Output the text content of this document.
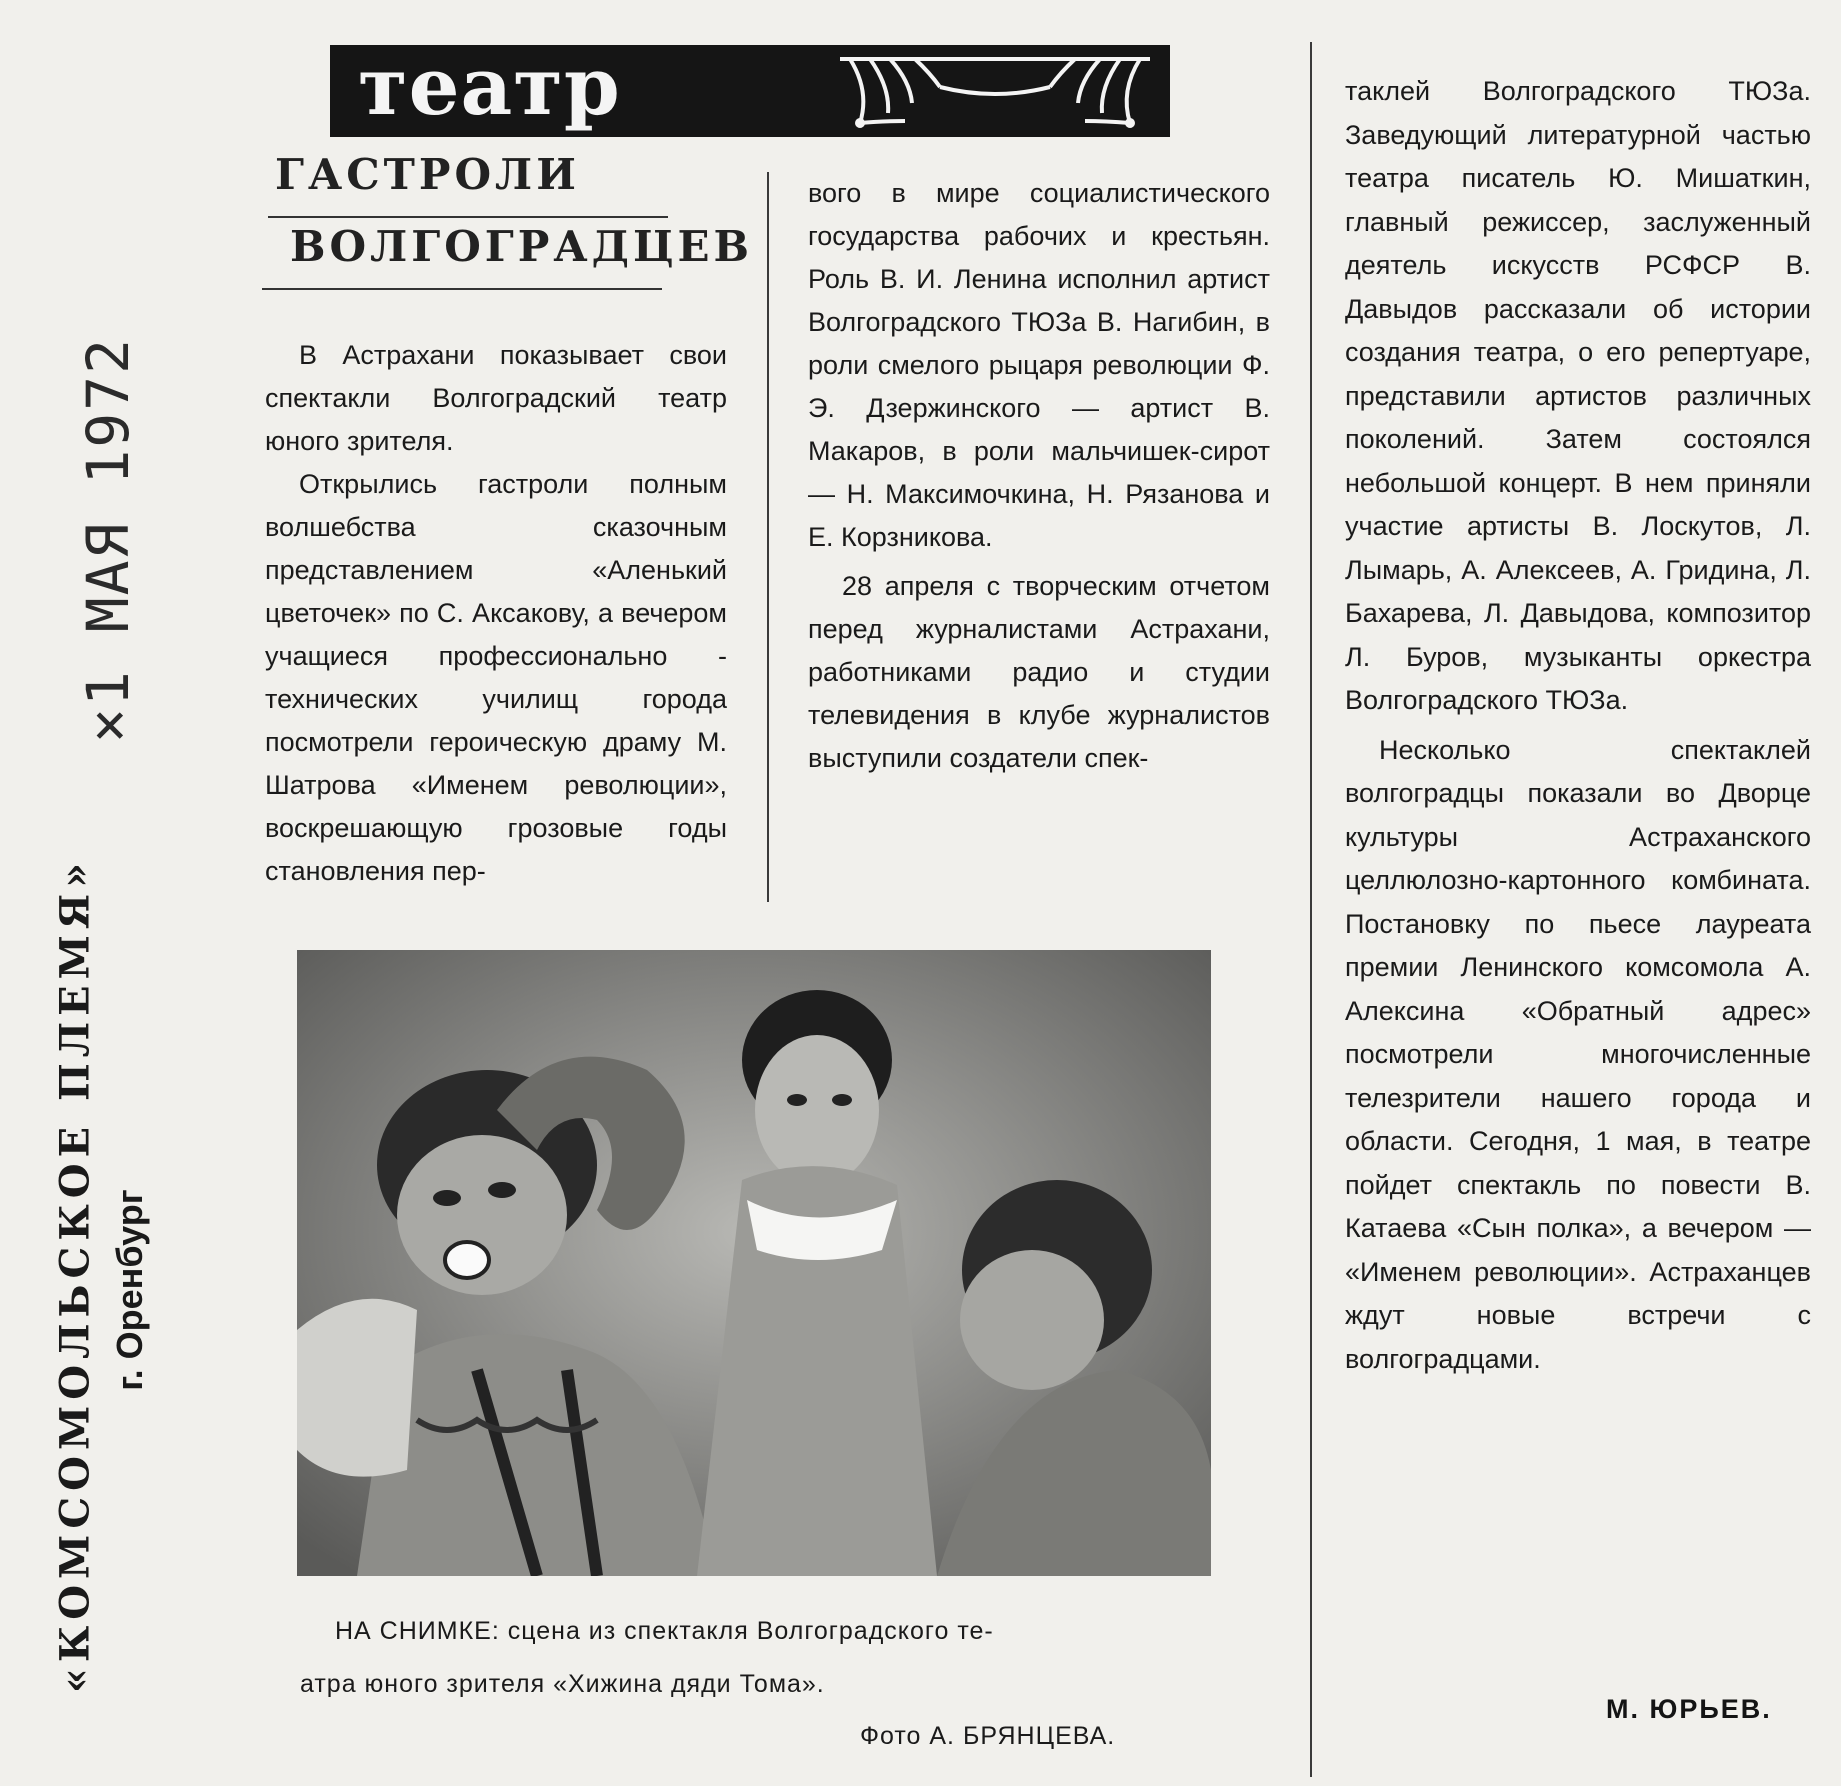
×1 МАЯ 1972
«КОМСОМОЛЬСКОЕ ПЛЕМЯ» г. Оренбург
театр
ГАСТРОЛИ
ВОЛГОГРАДЦЕВ

В Астрахани показывает свои спектакли Волгоградский театр юного зрителя.

Открылись гастроли полным волшебства сказочным представлением «Аленький цветочек» по С. Аксакову, а вечером учащиеся профессионально - технических училищ города посмотрели героическую драму М. Шатрова «Именем революции», воскрешающую грозовые годы становления пер-

вого в мире социалистического государства рабочих и крестьян. Роль В. И. Ленина исполнил артист Волгоградского ТЮЗа В. Нагибин, в роли смелого рыцаря революции Ф. Э. Дзержинского — артист В. Макаров, в роли мальчишек-сирот — Н. Максимочкина, Н. Рязанова и Е. Корзникова.

28 апреля с творческим отчетом перед журналистами Астрахани, работниками радио и студии телевидения в клубе журналистов выступили создатели спек-

таклей Волгоградского ТЮЗа. Заведующий литературной частью театра писатель Ю. Мишаткин, главный режиссер, заслуженный деятель искусств РСФСР В. Давыдов рассказали об истории создания театра, о его репертуаре, представили артистов различных поколений. Затем состоялся небольшой концерт. В нем приняли участие артисты В. Лоскутов, Л. Лымарь, А. Алексеев, А. Гридина, Л. Бахарева, Л. Давыдова, композитор Л. Буров, музыканты оркестра Волгоградского ТЮЗа.

Несколько спектаклей волгоградцы показали во Дворце культуры Астраханского целлюлозно-картонного комбината. Постановку по пьесе лауреата премии Ленинского комсомола А. Алексина «Обратный адрес» посмотрели многочисленные телезрители нашего города и области. Сегодня, 1 мая, в театре пойдет спектакль по повести В. Катаева «Сын полка», а вечером — «Именем революции». Астраханцев ждут новые встречи с волгоградцами.

М. ЮРЬЕВ.
НА СНИМКЕ: сцена из спектакля Волгоградского те-
атра юного зрителя «Хижина дяди Тома».
Фото А. БРЯНЦЕВА.
